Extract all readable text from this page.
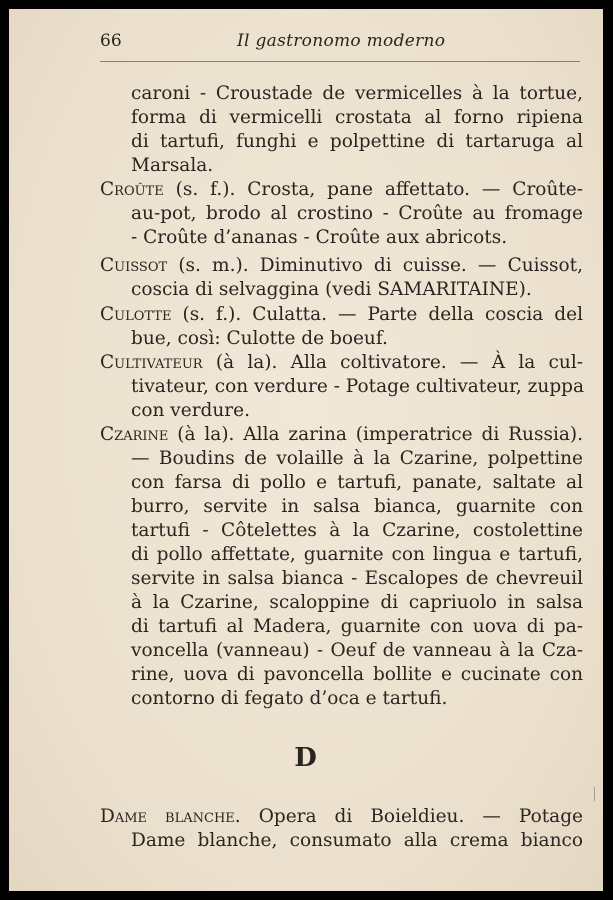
66	Il gastronomo moderno
caroni - Croustade de vermicelles à la tortue,
forma di vermicelli crostata al forno ripiena
di tartufi, funghi e polpettine di tartaruga al
Marsala.
Croûte (s. f.). Crosta, pane affettato. — Croûte-
au-pot, brodo al crostino - Croûte au fromage
- Croûte d’ananas - Croûte aux abricots.
Cuissot (s. m.). Diminutivo di cuisse. — Cuissot,
coscia di selvaggina (vedi SAMARITAINE).
Culotte (s. f.). Culatta. — Parte della coscia del
bue, così: Culotte de boeuf.
Cultivateur (à la). Alla coltivatore. — À la cul-
tivateur, con verdure - Potage cultivateur, zuppa
con verdure.
Czarine (à la). Alla zarina (imperatrice di Russia).
— Boudins de volaille à la Czarine, polpettine
con farsa di pollo e tartufi, panate, saltate al
burro, servite in salsa bianca, guarnite con
tartufi - Côtelettes à la Czarine, costolettine
di pollo affettate, guarnite con lingua e tartufi,
servite in salsa bianca - Escalopes de chevreuil
à la Czarine, scaloppine di capriuolo in salsa
di tartufi al Madera, guarnite con uova di pa-
voncella (vanneau) - Oeuf de vanneau à la Cza-
rine, uova di pavoncella bollite e cucinate con
contorno di fegato d’oca e tartufi.
D
Dame blanche. Opera di Boieldieu. — Potage
Dame blanche, consumato alla crema bianco
